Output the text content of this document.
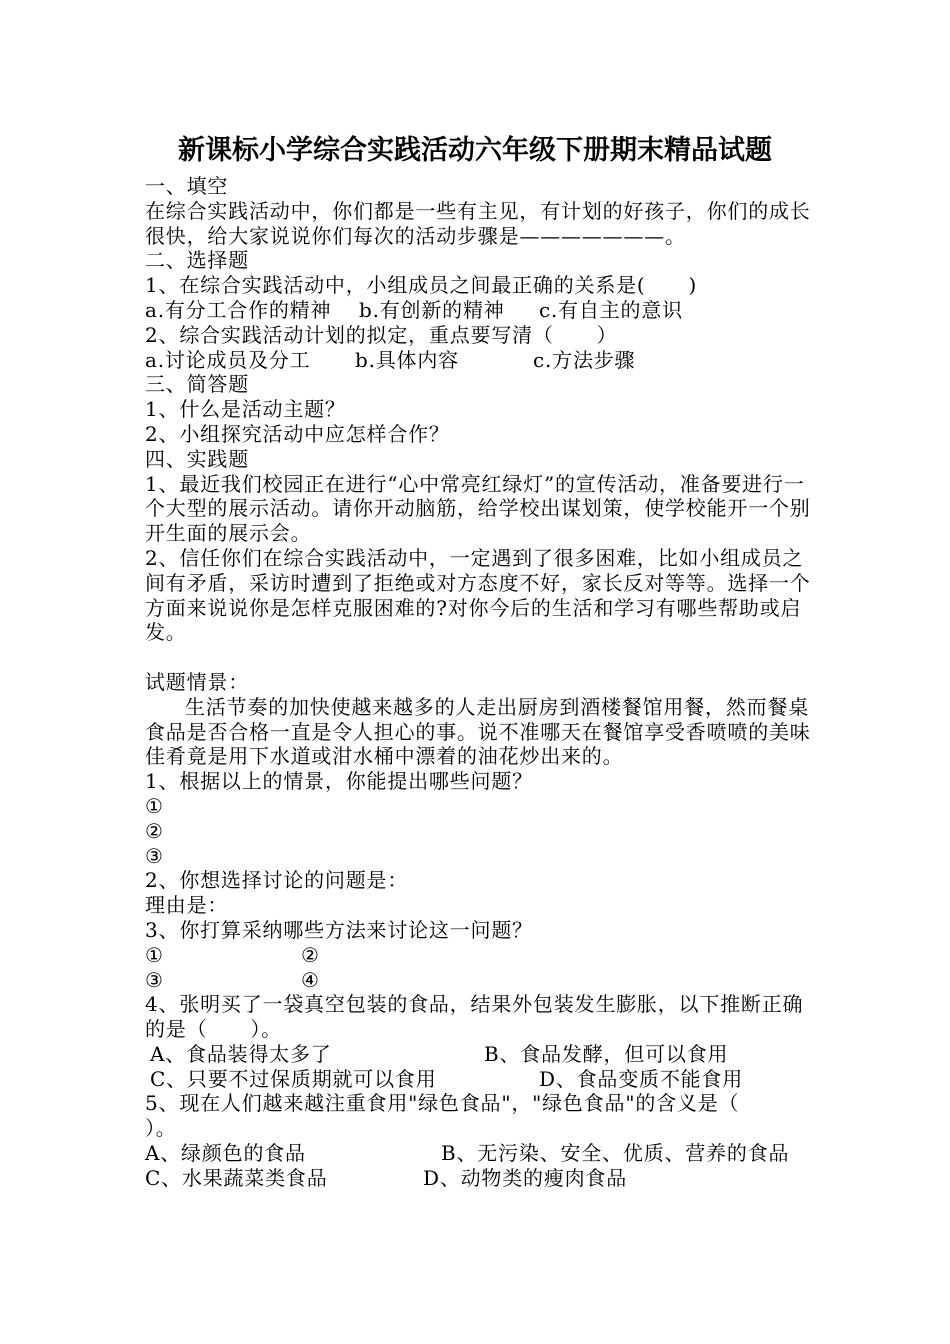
新课标小学综合实践活动六年级下册期末精品试题

一、填空

在综合实践活动中，你们都是一些有主见，有计划的好孩子，你们的成长很快，给大家说说你们每次的活动步骤是———————。

二、选择题

1、在综合实践活动中，小组成员之间最正确的关系是(      )

a.有分工合作的精神	b.有创新的精神	c.有自主的意识

2、综合实践活动计划的拟定，重点要写清（      ）

a.讨论成员及分工	b.具体内容	c.方法步骤

三、简答题

1、什么是活动主题？

2、小组探究活动中应怎样合作？

四、实践题

1、最近我们校园正在进行“心中常亮红绿灯”的宣传活动，准备要进行一个大型的展示活动。请你开动脑筋，给学校出谋划策，使学校能开一个别开生面的展示会。

2、信任你们在综合实践活动中，一定遇到了很多困难，比如小组成员之间有矛盾，采访时遭到了拒绝或对方态度不好，家长反对等等。选择一个方面来说说你是怎样克服困难的?对你今后的生活和学习有哪些帮助或启发。

试题情景：

生活节奏的加快使越来越多的人走出厨房到酒楼餐馆用餐，然而餐桌食品是否合格一直是令人担心的事。说不准哪天在餐馆享受香喷喷的美味佳肴竟是用下水道或泔水桶中漂着的油花炒出来的。

1、根据以上的情景，你能提出哪些问题？

①

②

③

2、你想选择讨论的问题是：

理由是：

3、你打算采纳哪些方法来讨论这一问题？

①	②
③	④

4、张明买了一袋真空包装的食品，结果外包装发生膨胀，以下推断正确的是（      ）。

A、食品装得太多了	B、食品发酵，但可以食用
C、只要不过保质期就可以食用	D、食品变质不能食用

5、现在人们越来越注重食用"绿色食品"，"绿色食品"的含义是（      ）。

A、绿颜色的食品	B、无污染、安全、优质、营养的食品
C、水果蔬菜类食品	D、动物类的瘦肉食品
